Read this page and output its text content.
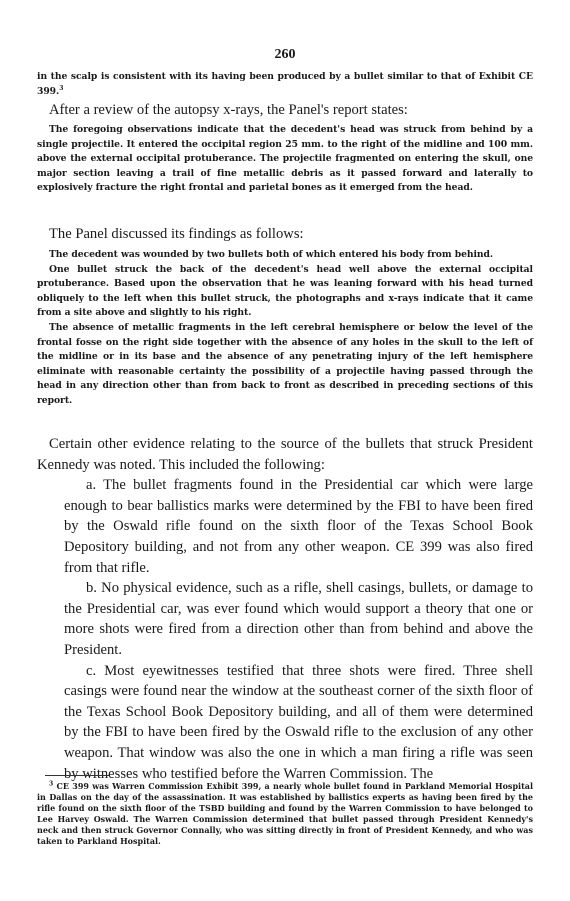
260
in the scalp is consistent with its having been produced by a bullet similar to that of Exhibit CE 399.$^3$

After a review of the autopsy x-rays, the Panel's report states:

The foregoing observations indicate that the decedent's head was struck from behind by a single projectile. It entered the occipital region 25 mm. to the right of the midline and 100 mm. above the external occipital protuberance. The projectile fragmented on entering the skull, one major section leaving a trail of fine metallic debris as it passed forward and laterally to explosively fracture the right frontal and parietal bones as it emerged from the head.

The Panel discussed its findings as follows:

The decedent was wounded by two bullets both of which entered his body from behind.

One bullet struck the back of the decedent's head well above the external occipital protuberance. Based upon the observation that he was leaning forward with his head turned obliquely to the left when this bullet struck, the photographs and x-rays indicate that it came from a site above and slightly to his right.

The absence of metallic fragments in the left cerebral hemisphere or below the level of the frontal fosse on the right side together with the absence of any holes in the skull to the left of the midline or in its base and the absence of any penetrating injury of the left hemisphere eliminate with reasonable certainty the possibility of a projectile having passed through the head in any direction other than from back to front as described in preceding sections of this report.

Certain other evidence relating to the source of the bullets that struck President Kennedy was noted. This included the following:

a. The bullet fragments found in the Presidential car which were large enough to bear ballistics marks were determined by the FBI to have been fired by the Oswald rifle found on the sixth floor of the Texas School Book Depository building, and not from any other weapon. CE 399 was also fired from that rifle.

b. No physical evidence, such as a rifle, shell casings, bullets, or damage to the Presidential car, was ever found which would support a theory that one or more shots were fired from a direction other than from behind and above the President.

c. Most eyewitnesses testified that three shots were fired. Three shell casings were found near the window at the southeast corner of the sixth floor of the Texas School Book Depository building, and all of them were determined by the FBI to have been fired by the Oswald rifle to the exclusion of any other weapon. That window was also the one in which a man firing a rifle was seen by witnesses who testified before the Warren Commission. The

$^3$ CE 399 was Warren Commission Exhibit 399, a nearly whole bullet found in Parkland Memorial Hospital in Dallas on the day of the assassination. It was established by ballistics experts as having been fired by the rifle found on the sixth floor of the TSBD building and found by the Warren Commission to have belonged to Lee Harvey Oswald. The Warren Commission determined that bullet passed through President Kennedy's neck and then struck Governor Connally, who was sitting directly in front of President Kennedy, and who was taken to Parkland Hospital.
